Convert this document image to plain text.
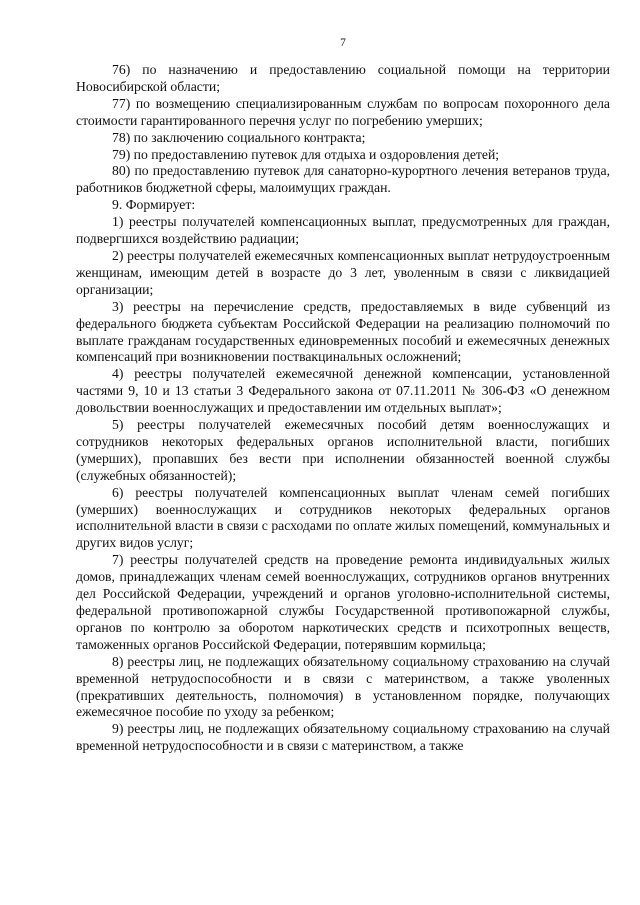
7

76) по назначению и предоставлению социальной помощи на территории Новосибирской области;

77) по возмещению специализированным службам по вопросам похоронного дела стоимости гарантированного перечня услуг по погребению умерших;

78) по заключению социального контракта;

79) по предоставлению путевок для отдыха и оздоровления детей;

80) по предоставлению путевок для санаторно-курортного лечения ветеранов труда, работников бюджетной сферы, малоимущих граждан.

9. Формирует:

1) реестры получателей компенсационных выплат, предусмотренных для граждан, подвергшихся воздействию радиации;

2) реестры получателей ежемесячных компенсационных выплат нетрудоустроенным женщинам, имеющим детей в возрасте до 3 лет, уволенным в связи с ликвидацией организации;

3) реестры на перечисление средств, предоставляемых в виде субвенций из федерального бюджета субъектам Российской Федерации на реализацию полномочий по выплате гражданам государственных единовременных пособий и ежемесячных денежных компенсаций при возникновении поствакцинальных осложнений;

4) реестры получателей ежемесячной денежной компенсации, установленной частями 9, 10 и 13 статьи 3 Федерального закона от 07.11.2011 № 306-ФЗ «О денежном довольствии военнослужащих и предоставлении им отдельных выплат»;

5) реестры получателей ежемесячных пособий детям военнослужащих и сотрудников некоторых федеральных органов исполнительной власти, погибших (умерших), пропавших без вести при исполнении обязанностей военной службы (служебных обязанностей);

6) реестры получателей компенсационных выплат членам семей погибших (умерших) военнослужащих и сотрудников некоторых федеральных органов исполнительной власти в связи с расходами по оплате жилых помещений, коммунальных и других видов услуг;

7) реестры получателей средств на проведение ремонта индивидуальных жилых домов, принадлежащих членам семей военнослужащих, сотрудников органов внутренних дел Российской Федерации, учреждений и органов уголовно-исполнительной системы, федеральной противопожарной службы Государственной противопожарной службы, органов по контролю за оборотом наркотических средств и психотропных веществ, таможенных органов Российской Федерации, потерявшим кормильца;

8) реестры лиц, не подлежащих обязательному социальному страхованию на случай временной нетрудоспособности и в связи с материнством, а также уволенных (прекративших деятельность, полномочия) в установленном порядке, получающих ежемесячное пособие по уходу за ребенком;

9) реестры лиц, не подлежащих обязательному социальному страхованию на случай временной нетрудоспособности и в связи с материнством, а также
